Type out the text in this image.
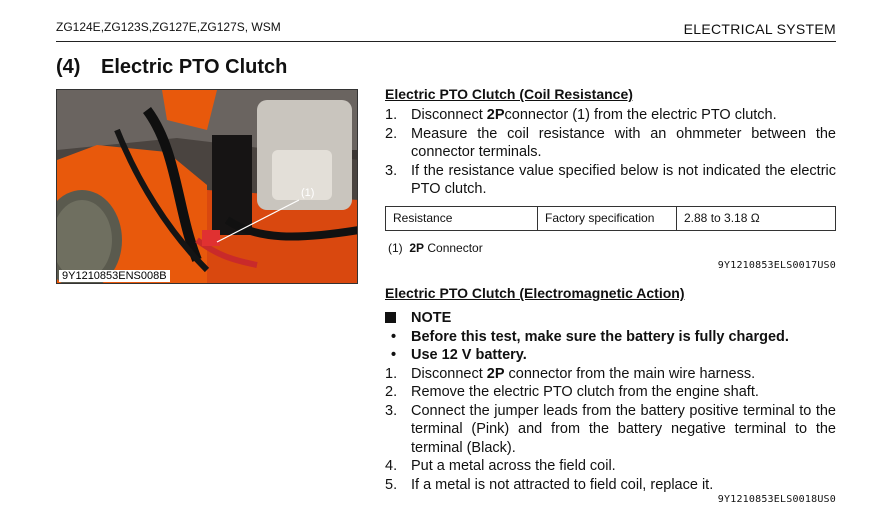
ZG124E,ZG123S,ZG127E,ZG127S, WSM	ELECTRICAL SYSTEM
(4) Electric PTO Clutch
(1)
9Y1210853ENS008B
Electric PTO Clutch (Coil Resistance)
1. Disconnect 2Pconnector (1) from the electric PTO clutch.
2. Measure the coil resistance with an ohmmeter between the connector terminals.
3. If the resistance value specified below is not indicated the electric PTO clutch.
Resistance	Factory specification	2.88 to 3.18 Ω
(1) 2P Connector
9Y1210853ELS0017US0
Electric PTO Clutch (Electromagnetic Action)
NOTE
•	Before this test, make sure the battery is fully charged.
•	Use 12 V battery.
1. Disconnect 2P connector from the main wire harness.
2. Remove the electric PTO clutch from the engine shaft.
3. Connect the jumper leads from the battery positive terminal to the terminal (Pink) and from the battery negative terminal to the terminal (Black).
4. Put a metal across the field coil.
5. If a metal is not attracted to field coil, replace it.
9Y1210853ELS0018US0
